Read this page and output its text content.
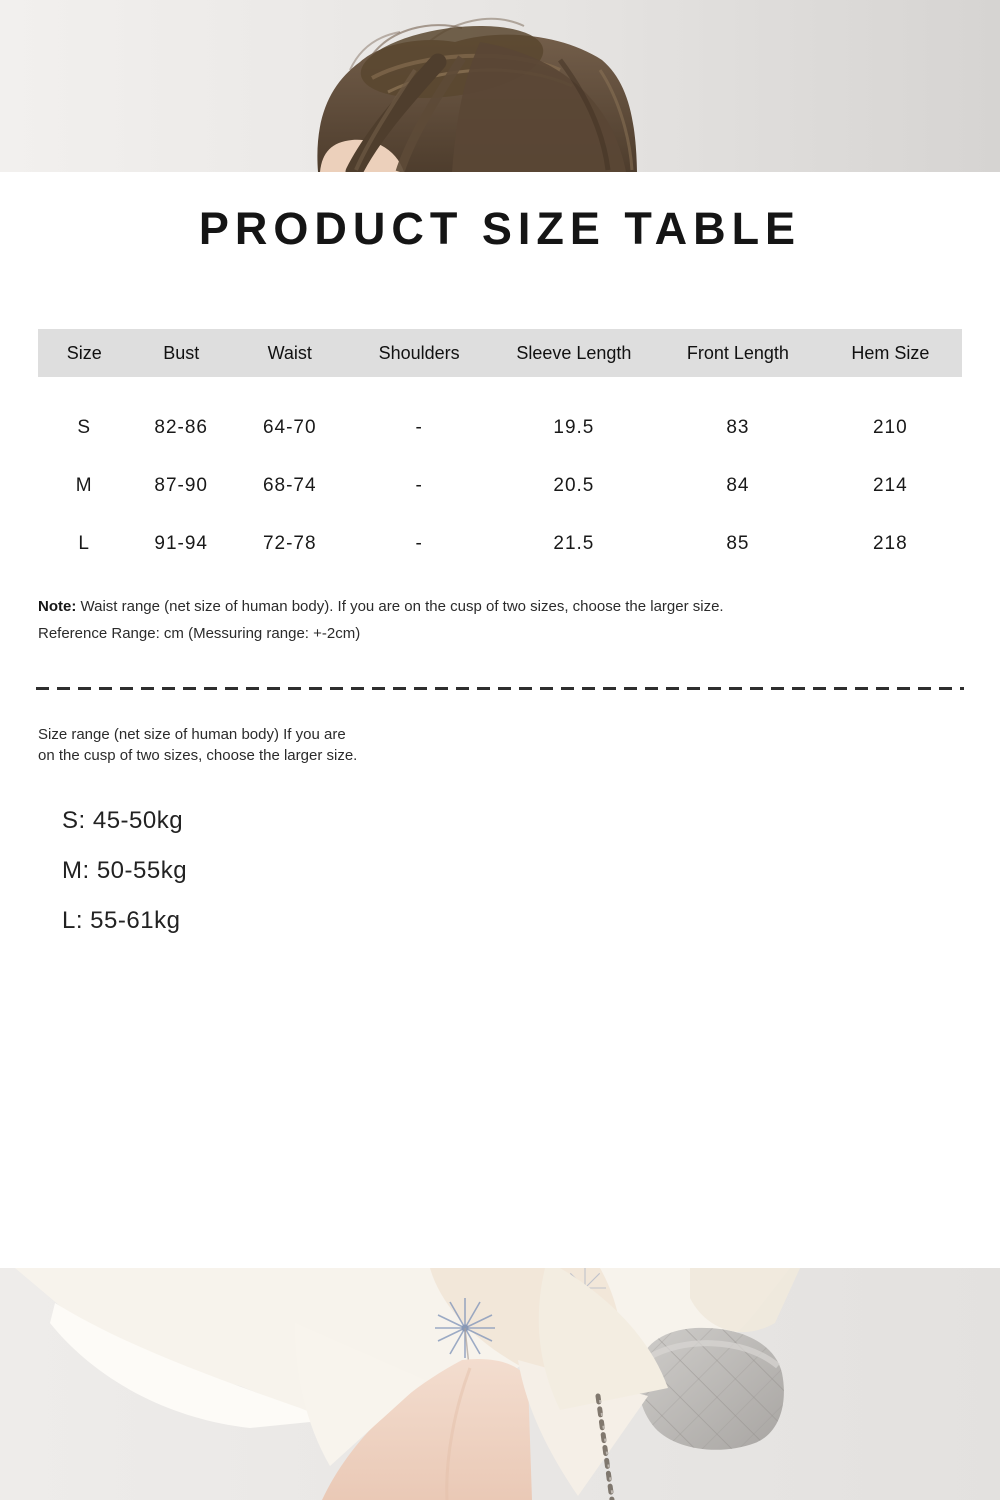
PRODUCT SIZE TABLE
Size	Bust	Waist	Shoulders	Sleeve Length	Front Length	Hem Size
S	82-86	64-70	-	19.5	83	210
M	87-90	68-74	-	20.5	84	214
L	91-94	72-78	-	21.5	85	218

Note: Waist range (net size of human body). If you are on the cusp of two sizes, choose the larger size.

Reference Range: cm (Messuring range: +-2cm)

Size range (net size of human body) If you are

on the cusp of two sizes, choose the larger size.

S: 45-50kg
M: 50-55kg
L: 55-61kg
